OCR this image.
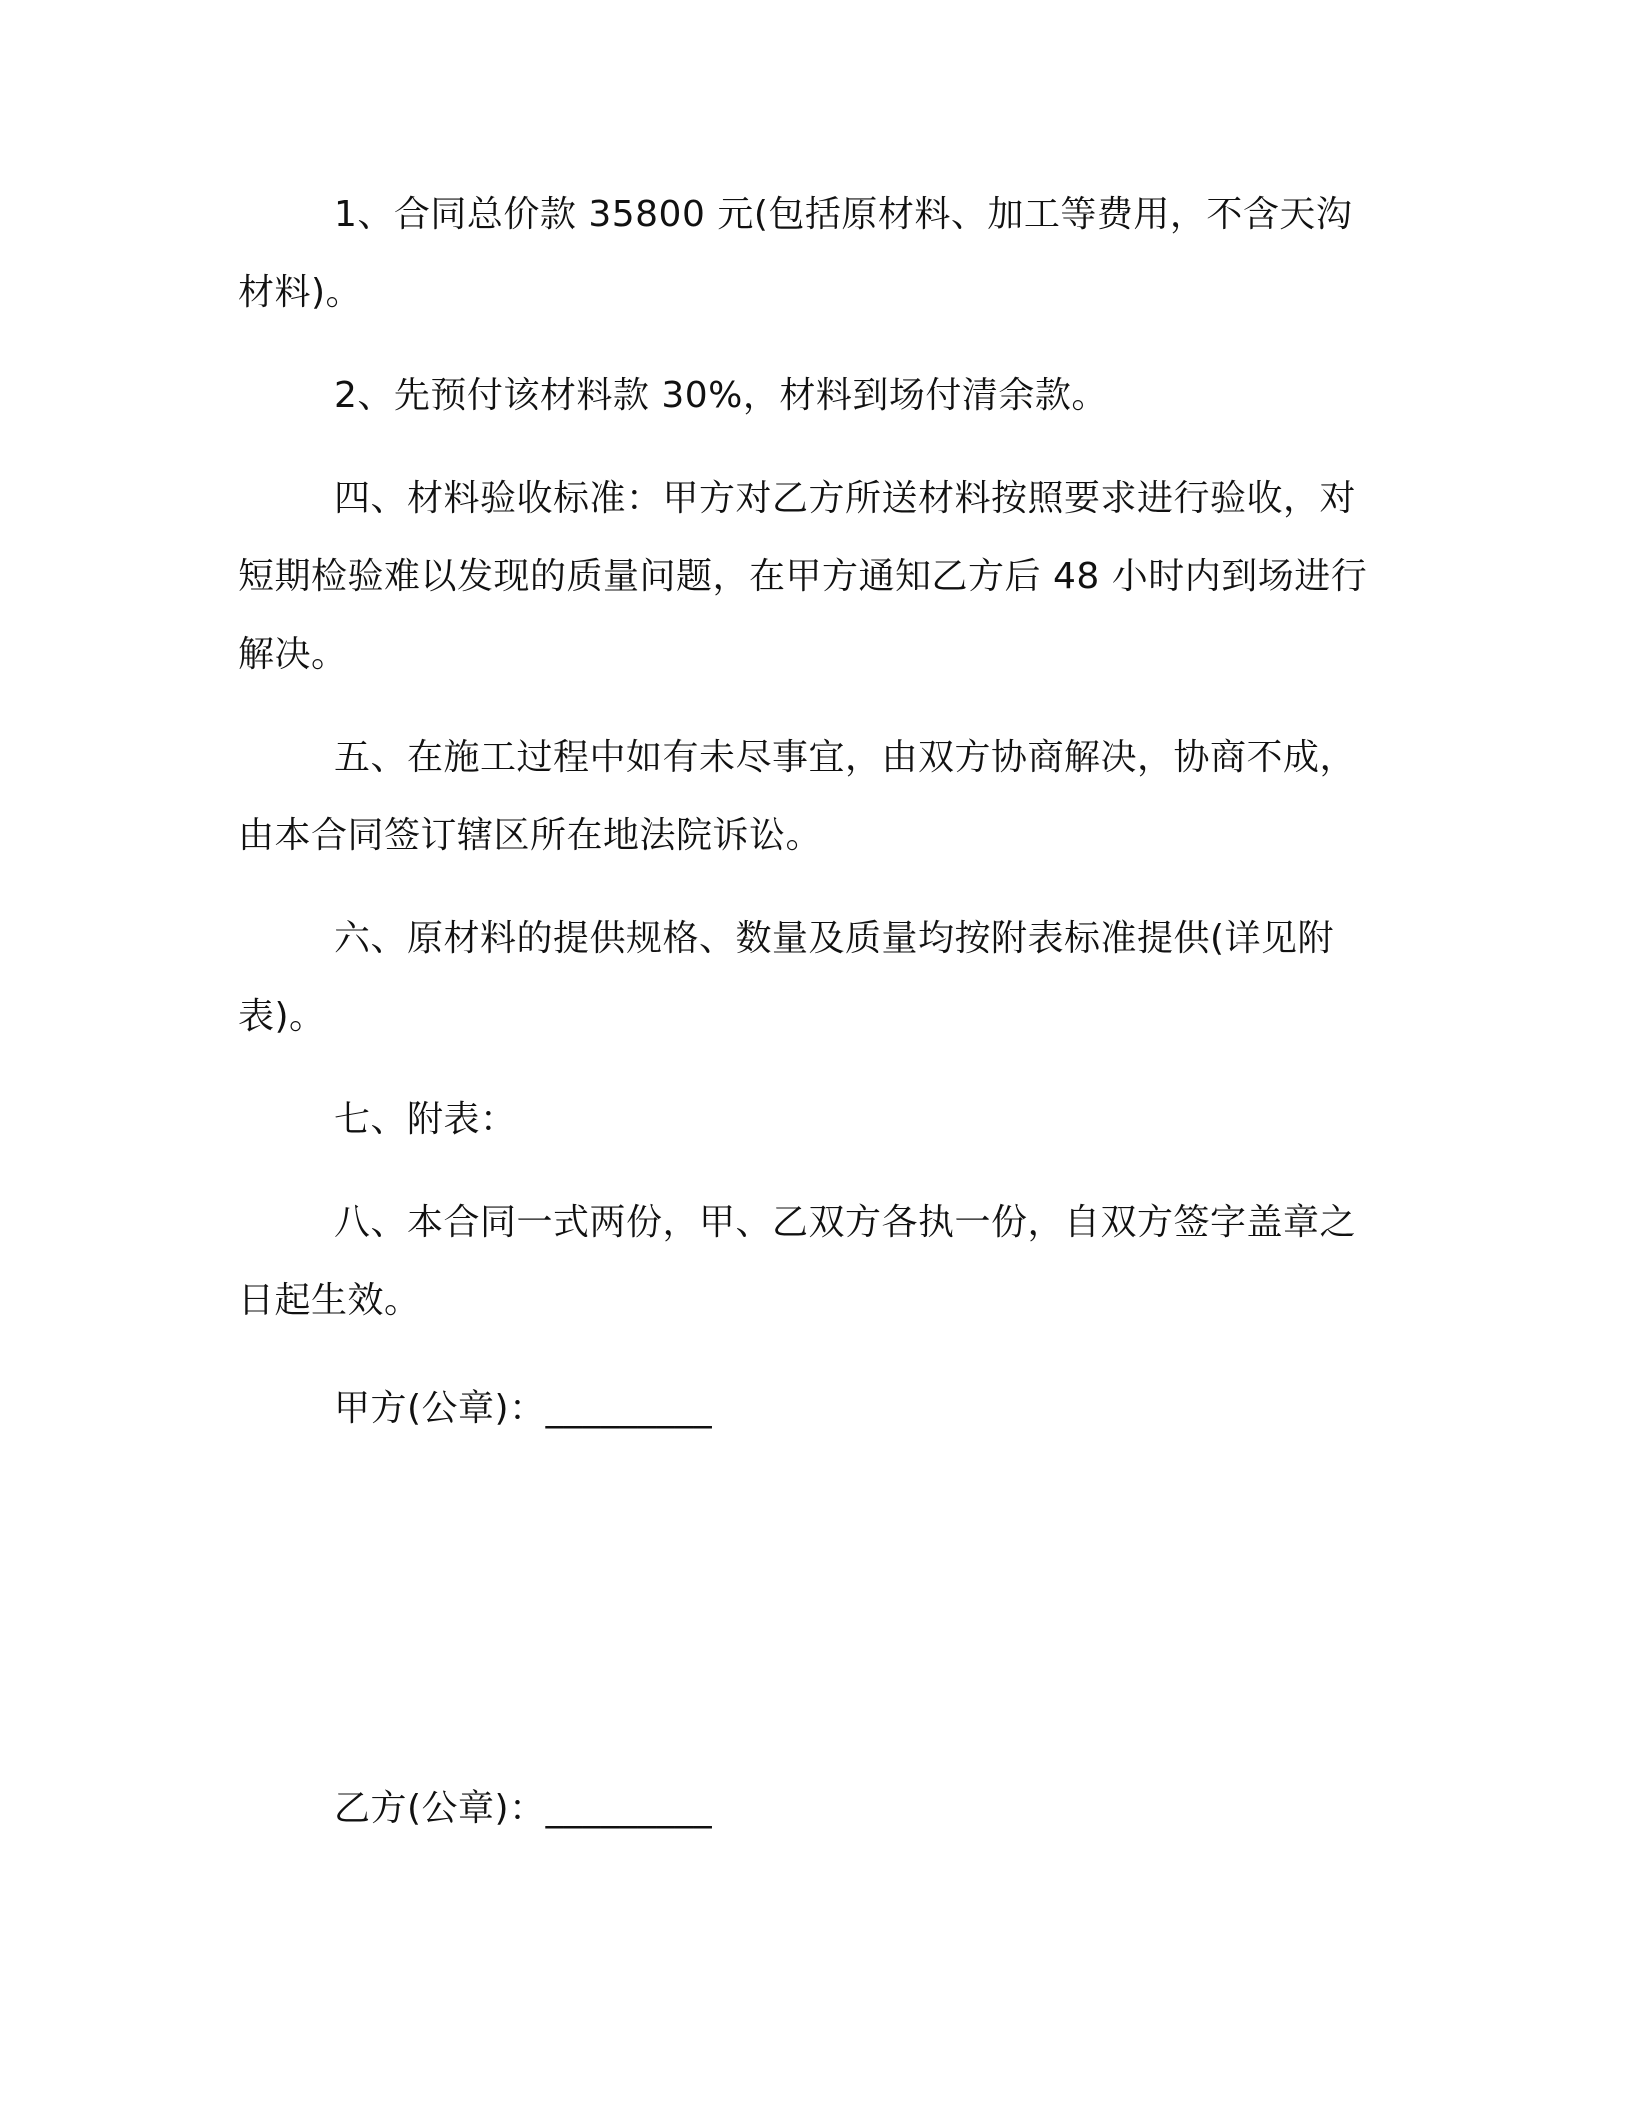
1、合同总价款 35800 元(包括原材料、加工等费用，不含天沟材料)。

2、先预付该材料款 30%，材料到场付清余款。

四、材料验收标准：甲方对乙方所送材料按照要求进行验收，对短期检验难以发现的质量问题，在甲方通知乙方后 48 小时内到场进行解决。

五、在施工过程中如有未尽事宜，由双方协商解决，协商不成，由本合同签订辖区所在地法院诉讼。

六、原材料的提供规格、数量及质量均按附表标准提供(详见附表)。

七、附表：

八、本合同一式两份，甲、乙双方各执一份，自双方签字盖章之日起生效。

甲方(公章)：_________
乙方(公章)：_________
